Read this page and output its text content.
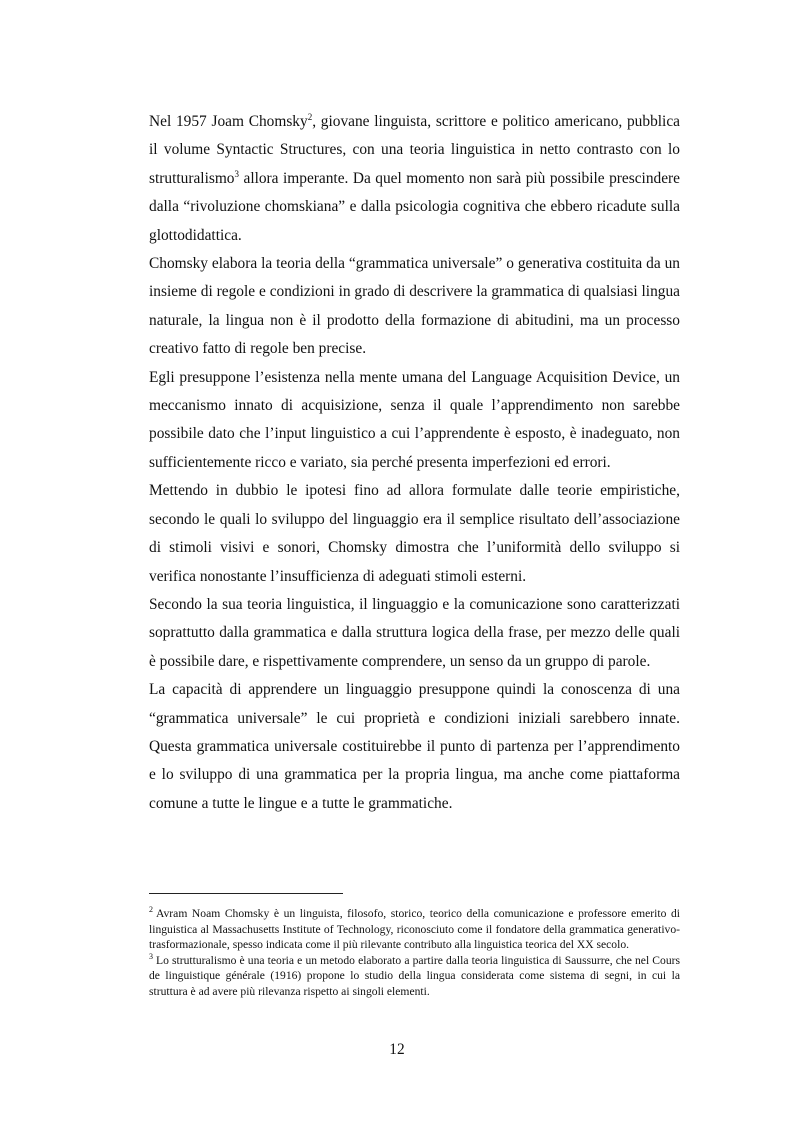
Nel 1957 Joam Chomsky$^2$, giovane linguista, scrittore e politico americano, pubblica il volume Syntactic Structures, con una teoria linguistica in netto contrasto con lo strutturalismo$^3$ allora imperante. Da quel momento non sarà più possibile prescindere dalla “rivoluzione chomskiana” e dalla psicologia cognitiva che ebbero ricadute sulla glottodidattica.

Chomsky elabora la teoria della “grammatica universale” o generativa costituita da un insieme di regole e condizioni in grado di descrivere la grammatica di qualsiasi lingua naturale, la lingua non è il prodotto della formazione di abitudini, ma un processo creativo fatto di regole ben precise.

Egli presuppone l’esistenza nella mente umana del Language Acquisition Device, un meccanismo innato di acquisizione, senza il quale l’apprendimento non sarebbe possibile dato che l’input linguistico a cui l’apprendente è esposto, è inadeguato, non sufficientemente ricco e variato, sia perché presenta imperfezioni ed errori.

Mettendo in dubbio le ipotesi fino ad allora formulate dalle teorie empiristiche, secondo le quali lo sviluppo del linguaggio era il semplice risultato dell’associazione di stimoli visivi e sonori, Chomsky dimostra che l’uniformità dello sviluppo si verifica nonostante l’insufficienza di adeguati stimoli esterni.

Secondo la sua teoria linguistica, il linguaggio e la comunicazione sono caratterizzati soprattutto dalla grammatica e dalla struttura logica della frase, per mezzo delle quali è possibile dare, e rispettivamente comprendere, un senso da un gruppo di parole.

La capacità di apprendere un linguaggio presuppone quindi la conoscenza di una “grammatica universale” le cui proprietà e condizioni iniziali sarebbero innate. Questa grammatica universale costituirebbe il punto di partenza per l’apprendimento e lo sviluppo di una grammatica per la propria lingua, ma anche come piattaforma comune a tutte le lingue e a tutte le grammatiche.

$^2$ Avram Noam Chomsky è un linguista, filosofo, storico, teorico della comunicazione e professore emerito di linguistica al Massachusetts Institute of Technology, riconosciuto come il fondatore della grammatica generativo-trasformazionale, spesso indicata come il più rilevante contributo alla linguistica teorica del XX secolo.

$^3$ Lo strutturalismo è una teoria e un metodo elaborato a partire dalla teoria linguistica di Saussurre, che nel Cours de linguistique générale (1916) propone lo studio della lingua considerata come sistema di segni, in cui la struttura è ad avere più rilevanza rispetto ai singoli elementi.

12
